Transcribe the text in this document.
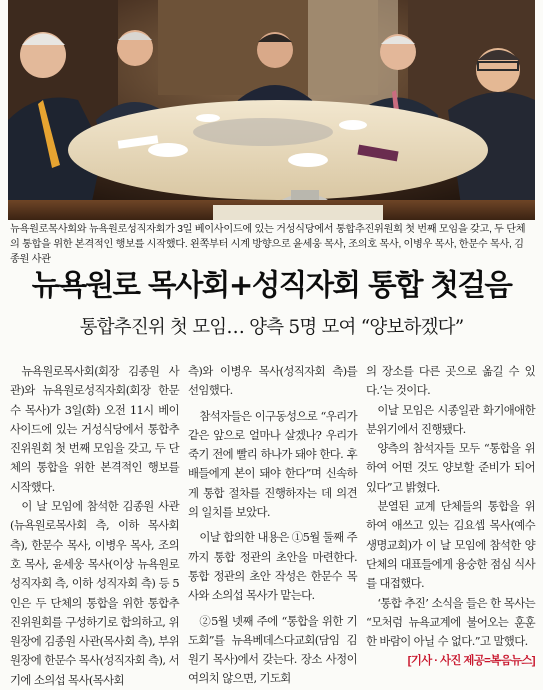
뉴욕원로목사회와 뉴욕원로성직자회가 3일 베이사이드에 있는 거성식당에서 통합추진위원회 첫 번째 모임을 갖고, 두 단체의 통합을 위한 본격적인 행보를 시작했다. 왼쪽부터 시계 방향으로 윤세웅 목사, 조의호 목사, 이병우 목사, 한문수 목사, 김종원 사관
뉴욕원로 목사회+성직자회 통합 첫걸음
통합추진위 첫 모임… 양측 5명 모여 “양보하겠다”

뉴욕원로목사회(회장 김종원 사관)와 뉴욕원로성직자회(회장 한문수 목사)가 3일(화) 오전 11시 베이사이드에 있는 거성식당에서 통합추진위원회 첫 번째 모임을 갖고, 두 단체의 통합을 위한 본격적인 행보를 시작했다.

이 날 모임에 참석한 김종원 사관(뉴욕원로목사회 측, 이하 목사회 측), 한문수 목사, 이병우 목사, 조의호 목사, 윤세웅 목사(이상 뉴욕원로성직자회 측, 이하 성직자회 측) 등 5인은 두 단체의 통합을 위한 통합추진위원회를 구성하기로 합의하고, 위원장에 김종원 사관(목사회 측), 부위원장에 한문수 목사(성직자회 측), 서기에 소의섭 목사(목사회

측)와 이병우 목사(성직자회 측)를 선임했다.

참석자들은 이구동성으로 “우리가 같은 앞으로 얼마나 살겠나? 우리가 죽기 전에 빨리 하나가 돼야 한다. 후배들에게 본이 돼야 한다”며 신속하게 통합 절차를 진행하자는 데 의견의 일치를 보았다.

이날 합의한 내용은 ①5월 둘째 주까지 통합 정관의 초안을 마련한다. 통합 정관의 초안 작성은 한문수 목사와 소의섭 목사가 맡는다.

②5월 넷째 주에 “통합을 위한 기도회”를 뉴욕베데스다교회(담임 김원기 목사)에서 갖는다. 장소 사정이 여의치 않으면, 기도회

의 장소를 다른 곳으로 옮길 수 있다.’는 것이다.

이날 모임은 시종일관 화기애애한 분위기에서 진행됐다.

양측의 참석자들 모두 “통합을 위하여 어떤 것도 양보할 준비가 되어 있다”고 밝혔다.

분열된 교계 단체들의 통합을 위하여 애쓰고 있는 김요셉 목사(예수생명교회)가 이 날 모임에 참석한 양 단체의 대표들에게 융숭한 점심 식사를 대접했다.

‘통합 추진’ 소식을 들은 한 목사는 “모처럼 뉴욕교계에 불어오는 훈훈한 바람이 아닐 수 없다.”고 말했다.

[기사 · 사진 제공=복음뉴스]
